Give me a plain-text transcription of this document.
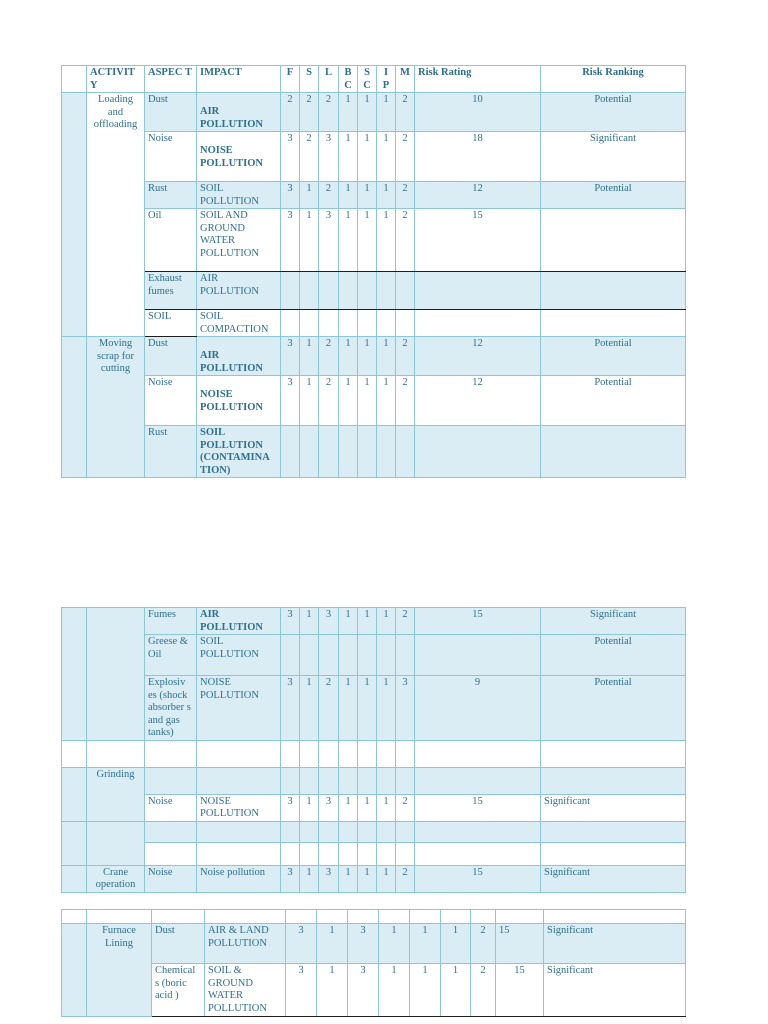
	ACTIVIT Y	ASPEC T	IMPACT	F	S	L	B C	S C	I P	M	Risk Rating	Risk Ranking
	Loading and offloading	Dust	AIR POLLUTION	2	2	2	1	1	1	2	10	Potential
		Noise	NOISE POLLUTION	3	2	3	1	1	1	2	18	Significant
		Rust	SOIL POLLUTION	3	1	2	1	1	1	2	12	Potential
		Oil	SOIL AND GROUND WATER POLLUTION	3	1	3	1	1	1	2	15	
		Exhaust fumes	AIR POLLUTION									
		SOIL	SOIL COMPACTION									
	Moving scrap for cutting	Dust	AIR POLLUTION	3	1	2	1	1	1	2	12	Potential
		Noise	NOISE POLLUTION	3	1	2	1	1	1	2	12	Potential
		Rust	SOIL POLLUTION (CONTAMINA TION)									
		Fumes	AIR POLLUTION	3	1	3	1	1	1	2	15	Significant
		Greese & Oil	SOIL POLLUTION									Potential
		Explosiv es (shock absorber s and gas tanks)	NOISE POLLUTION	3	1	2	1	1	1	3	9	Potential

	Grinding											
		Noise	NOISE POLLUTION	3	1	3	1	1	1	2	15	Significant

	Crane operation	Noise	Noise pollution	3	1	3	1	1	1	2	15	Significant

	Furnace Lining	Dust	AIR & LAND POLLUTION	3	1	3	1	1	1	2	15	Significant
		Chemical s (boric acid )	SOIL & GROUND WATER POLLUTION	3	1	3	1	1	1	2	15	Significant
